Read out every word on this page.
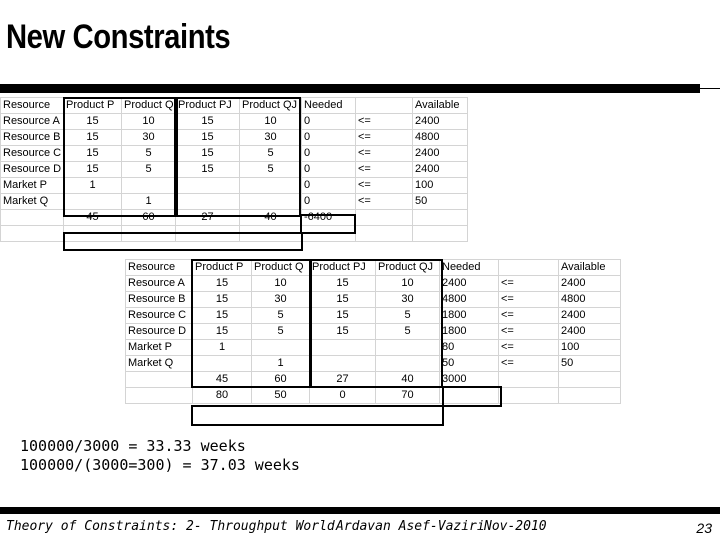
New Constraints
Resource	Product P	Product Q	Product PJ	Product QJ	Needed		Available
Resource A	15	10	15	10	0	<=	2400
Resource B	15	30	15	30	0	<=	4800
Resource C	15	5	15	5	0	<=	2400
Resource D	15	5	15	5	0	<=	2400
Market P	1				0	<=	100
Market Q		1			0	<=	50
	45	60	27	40	-6400		

Resource	Product P	Product Q	Product PJ	Product QJ	Needed		Available
Resource A	15	10	15	10	2400	<=	2400
Resource B	15	30	15	30	4800	<=	4800
Resource C	15	5	15	5	1800	<=	2400
Resource D	15	5	15	5	1800	<=	2400
Market P	1				80	<=	100
Market Q		1			50	<=	50
	45	60	27	40	3000		
	80	50	0	70			
100000/3000 = 33.33 weeks
100000/(3000=300) = 37.03 weeks
Theory of Constraints: 2- Throughput World Ardavan Asef-Vaziri Nov-2010	23
